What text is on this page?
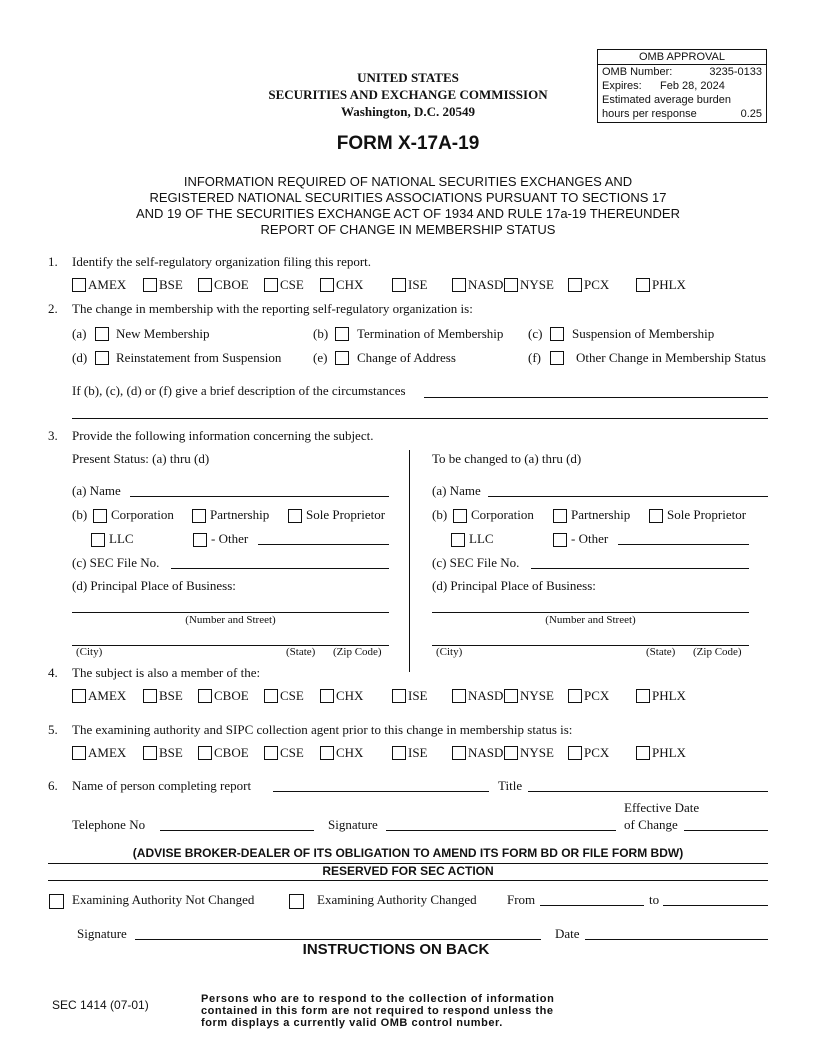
OMB APPROVAL
OMB Number:	3235-0133
Expires: Feb 28, 2024
Estimated average burden
hours per response	0.25
UNITED STATES
SECURITIES AND EXCHANGE COMMISSION
Washington, D.C. 20549
FORM X-17A-19
INFORMATION REQUIRED OF NATIONAL SECURITIES EXCHANGES AND
REGISTERED NATIONAL SECURITIES ASSOCIATIONS PURSUANT TO SECTIONS 17
AND 19 OF THE SECURITIES EXCHANGE ACT OF 1934 AND RULE 17a-19 THEREUNDER
REPORT OF CHANGE IN MEMBERSHIP STATUS
1. Identify the self-regulatory organization filing this report.
AMEX	BSE	CBOE	CSE	CHX	ISE	NASD	NYSE	PCX	PHLX
2. The change in membership with the reporting self-regulatory organization is:
(a) New Membership	(b) Termination of Membership (c) Suspension of Membership
(d) Reinstatement from Suspension (e) Change of Address	(f)	Other Change in Membership Status
If (b), (c), (d) or (f) give a brief description of the circumstances
3. Provide the following information concerning the subject.
Present Status: (a) thru (d)
(a) Name
(b) Corporation	Partnership	Sole Proprietor
LLC	- Other
(c) SEC File No.
(d) Principal Place of Business:
(Number and Street)
(City)	(State) (Zip Code)
To be changed to (a) thru (d)
(a) Name
(b) Corporation	Partnership	Sole Proprietor
LLC	- Other
(c) SEC File No.
(d) Principal Place of Business:
(Number and Street)
(City)	(State) (Zip Code)
4. The subject is also a member of the:
AMEX	BSE	CBOE	CSE	CHX	ISE	NASD	NYSE	PCX	PHLX
5. The examining authority and SIPC collection agent prior to this change in membership status is:
AMEX	BSE	CBOE	CSE	CHX	ISE	NASD	NYSE	PCX	PHLX
6. Name of person completing report	Title
Effective Date
of Change
Telephone No	Signature
(ADVISE BROKER-DEALER OF ITS OBLIGATION TO AMEND ITS FORM BD OR FILE FORM BDW)
RESERVED FOR SEC ACTION
Examining Authority Not Changed	Examining Authority Changed From	to
Signature	Date
INSTRUCTIONS ON BACK
SEC 1414 (07-01)	Persons who are to respond to the collection of information
contained in this form are not required to respond unless the
form displays a currently valid OMB control number.
